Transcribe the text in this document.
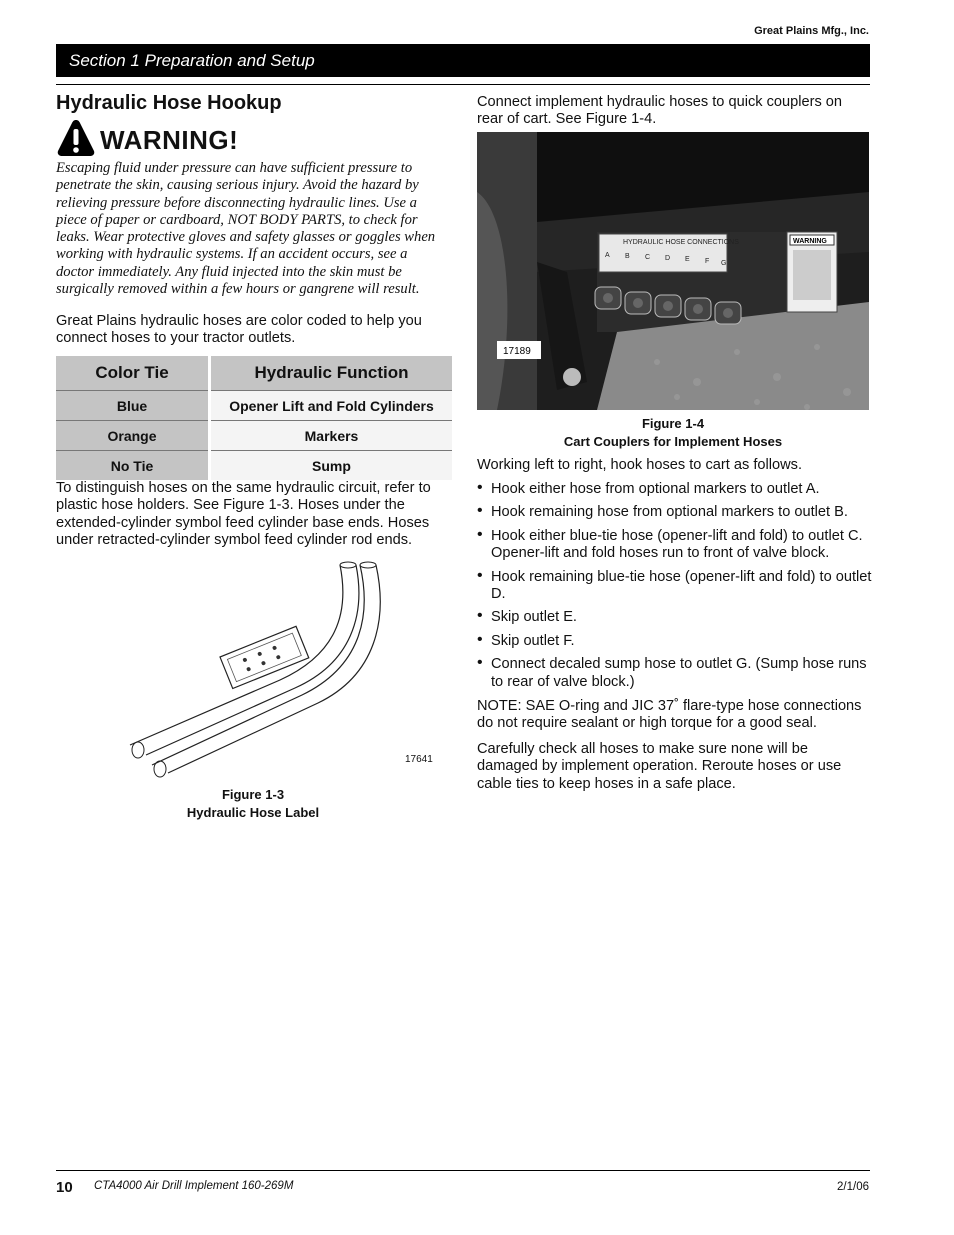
Great Plains Mfg., Inc.
Section 1 Preparation and Setup
Hydraulic Hose Hookup
WARNING!
Escaping fluid under pressure can have sufficient pressure to penetrate the skin, causing serious injury. Avoid the hazard by relieving pressure before disconnecting hydraulic lines. Use a piece of paper or cardboard, NOT BODY PARTS, to check for leaks. Wear protective gloves and safety glasses or goggles when working with hydraulic systems. If an accident occurs, see a doctor immediately. Any fluid injected into the skin must be surgically removed within a few hours or gangrene will result.
Great Plains hydraulic hoses are color coded to help you connect hoses to your tractor outlets.
Color Tie	Hydraulic Function
Blue	Opener Lift and Fold Cylinders
Orange	Markers
No Tie	Sump
To distinguish hoses on the same hydraulic circuit, refer to plastic hose holders. See Figure 1-3. Hoses under the extended-cylinder symbol feed cylinder base ends. Hoses under retracted-cylinder symbol feed cylinder rod ends.
17641
Figure 1-3
Hydraulic Hose Label
Connect implement hydraulic hoses to quick couplers on rear of cart. See Figure 1-4.
HYDRAULIC HOSE CONNECTIONS
A B C D E F G
WARNING
17189
Figure 1-4
Cart Couplers for Implement Hoses
Working left to right, hook hoses to cart as follows.
• Hook either hose from optional markers to outlet A.
• Hook remaining hose from optional markers to outlet B.
• Hook either blue-tie hose (opener-lift and fold) to outlet C. Opener-lift and fold hoses run to front of valve block.
• Hook remaining blue-tie hose (opener-lift and fold) to outlet D.
• Skip outlet E.
• Skip outlet F.
• Connect decaled sump hose to outlet G. (Sump hose runs to rear of valve block.)
NOTE: SAE O-ring and JIC 37˚ flare-type hose connections do not require sealant or high torque for a good seal.
Carefully check all hoses to make sure none will be damaged by implement operation. Reroute hoses or use cable ties to keep hoses in a safe place.
10 CTA4000 Air Drill Implement 160-269M	2/1/06
